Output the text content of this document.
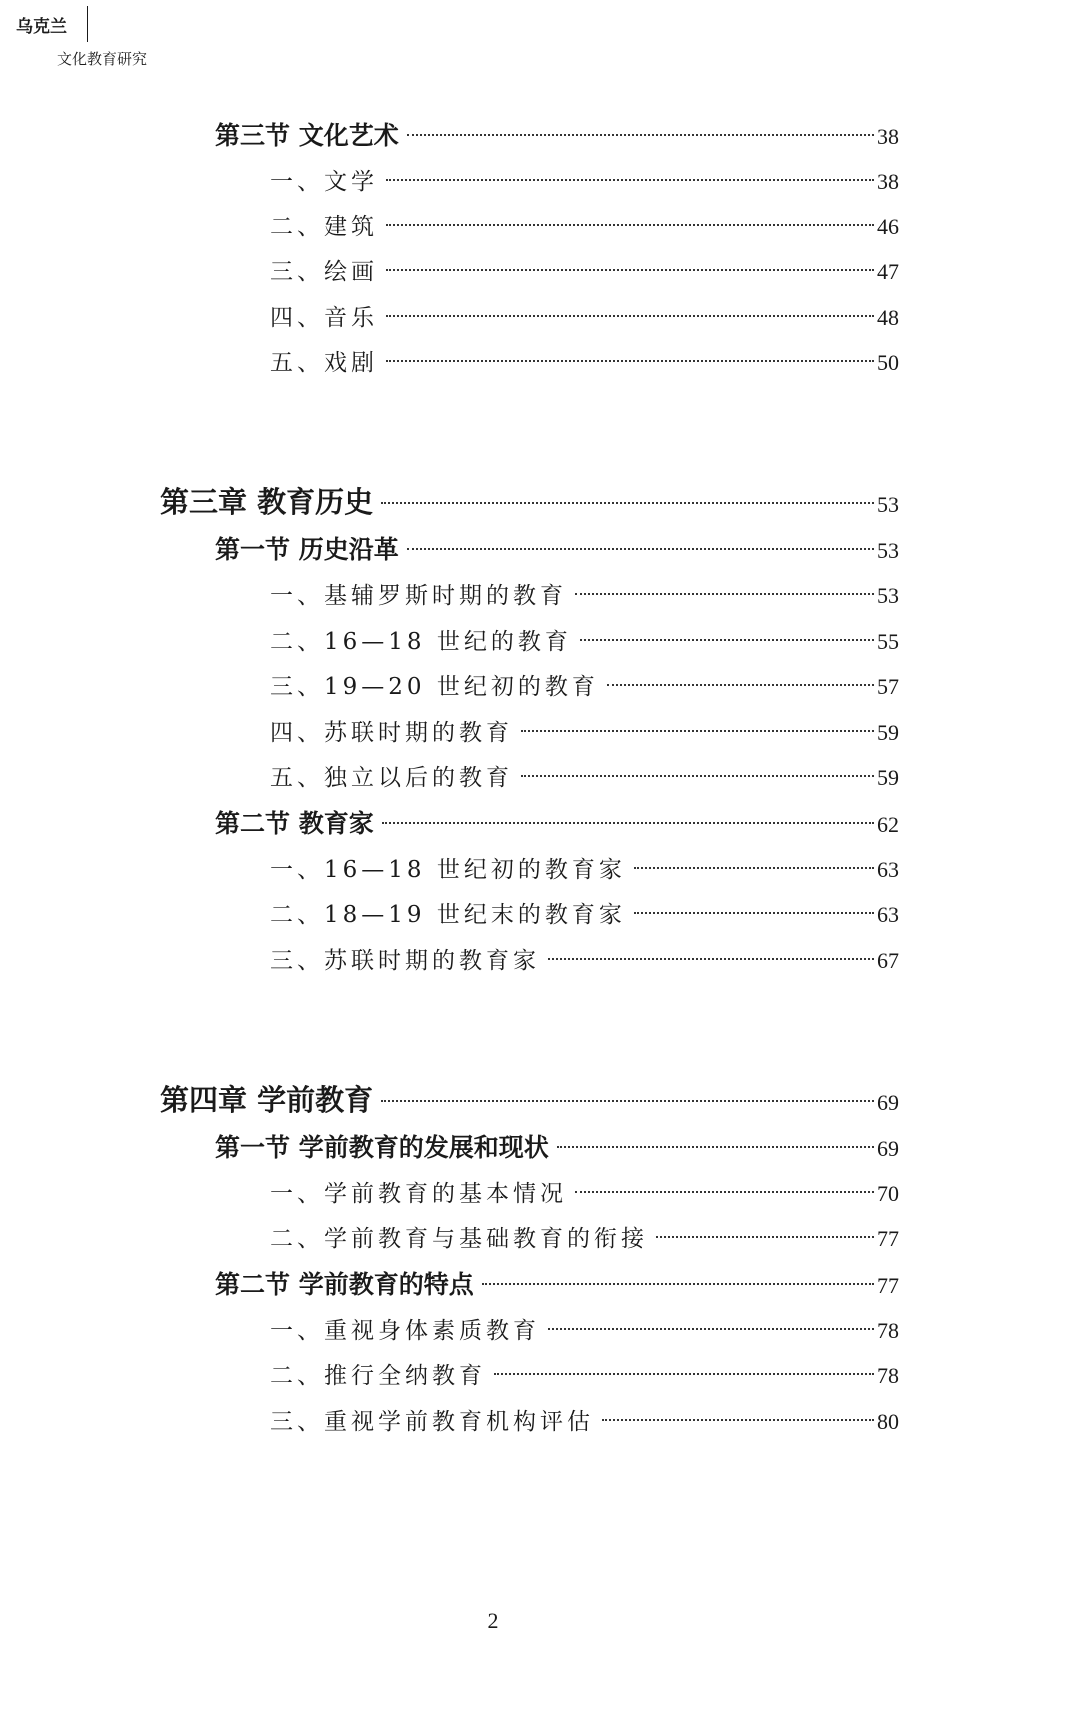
乌克兰
文化教育研究
第三节 文化艺术	38
一、文学	38
二、建筑	46
三、绘画	47
四、音乐	48
五、戏剧	50
第三章 教育历史	53
第一节 历史沿革	53
一、基辅罗斯时期的教育	53
二、16—18 世纪的教育	55
三、19—20 世纪初的教育	57
四、苏联时期的教育	59
五、独立以后的教育	59
第二节 教育家	62
一、16—18 世纪初的教育家	63
二、18—19 世纪末的教育家	63
三、苏联时期的教育家	67
第四章 学前教育	69
第一节 学前教育的发展和现状	69
一、学前教育的基本情况	70
二、学前教育与基础教育的衔接	77
第二节 学前教育的特点	77
一、重视身体素质教育	78
二、推行全纳教育	78
三、重视学前教育机构评估	80
2
